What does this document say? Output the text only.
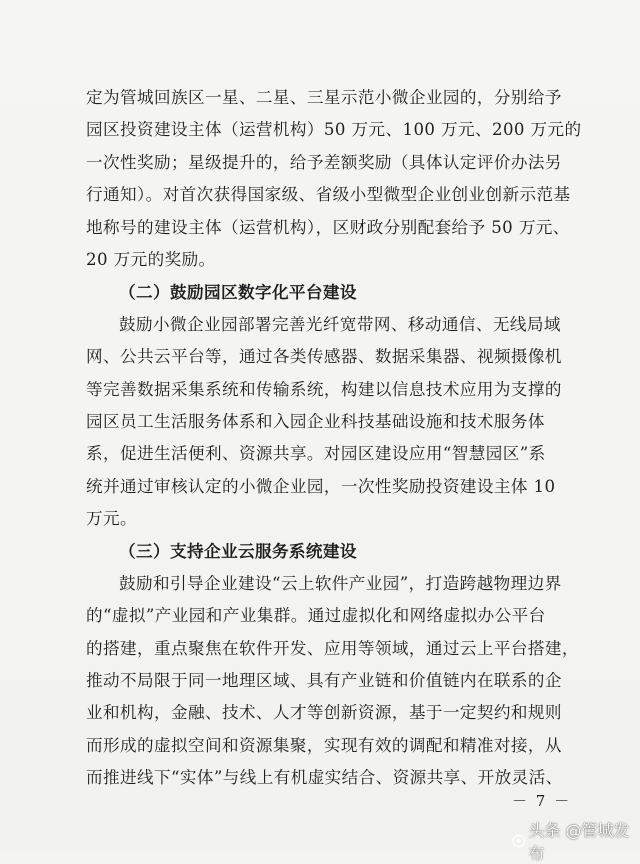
定为管城回族区一星、二星、三星示范小微企业园的，分别给予
园区投资建设主体（运营机构）50 万元、100 万元、200 万元的
一次性奖励；星级提升的，给予差额奖励（具体认定评价办法另
行通知）。对首次获得国家级、省级小型微型企业创业创新示范基
地称号的建设主体（运营机构），区财政分别配套给予 50 万元、
20 万元的奖励。
（二）鼓励园区数字化平台建设
鼓励小微企业园部署完善光纤宽带网、移动通信、无线局域
网、公共云平台等，通过各类传感器、数据采集器、视频摄像机
等完善数据采集系统和传输系统，构建以信息技术应用为支撑的
园区员工生活服务体系和入园企业科技基础设施和技术服务体
系，促进生活便利、资源共享。对园区建设应用“智慧园区”系
统并通过审核认定的小微企业园，一次性奖励投资建设主体 10
万元。
（三）支持企业云服务系统建设
鼓励和引导企业建设“云上软件产业园”，打造跨越物理边界
的“虚拟”产业园和产业集群。通过虚拟化和网络虚拟办公平台
的搭建，重点聚焦在软件开发、应用等领域，通过云上平台搭建，
推动不局限于同一地理区域、具有产业链和价值链内在联系的企
业和机构，金融、技术、人才等创新资源，基于一定契约和规则
而形成的虚拟空间和资源集聚，实现有效的调配和精准对接，从
而推进线下“实体”与线上有机虚实结合、资源共享、开放灵活、
－ 7 －
头条 @管城发布
